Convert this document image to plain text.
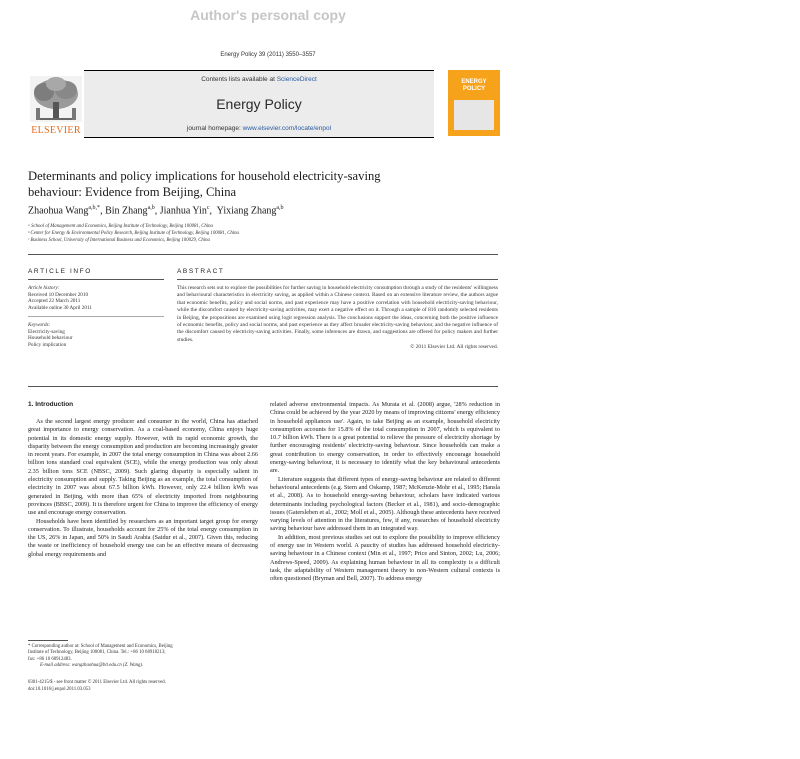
Author's personal copy
Energy Policy 39 (2011) 3550–3557
Contents lists available at ScienceDirect
Energy Policy
journal homepage: www.elsevier.com/locate/enpol
ELSEVIER
ENERGY
POLICY
Determinants and policy implications for household electricity-saving
behaviour: Evidence from Beijing, China
Zhaohua Wang$^{a,b,*}$, Bin Zhang$^{a,b}$, Jianhua Yin$^c$,  Yixiang Zhang$^{a,b}$
ᵃ School of Management and Economics, Beijing Institute of Technology, Beijing 100081, China
ᵇ Center for Energy & Environmental Policy Research, Beijing Institute of Technology, Beijing 100081, China
ᶜ Business School, University of International Business and Economics, Beijing 100029, China
ARTICLE INFO
Article history:
Received 10 December 2010
Accepted 22 March 2011
Available online 30 April 2011
Keywords:
Electricity-saving
Household behaviour
Policy implication
ABSTRACT
This research sets out to explore the possibilities for further saving in household electricity consumption through a study of the residents' willingness and behavioural characteristics in electricity saving, as applied within a Chinese context. Based on an extensive literature review, the authors argue that economic benefits, policy and social norms, and past experience may have a positive correlation with household electricity-saving behaviour, while the discomfort caused by electricity-saving activities, may exert a negative effect on it. Through a sample of 816 randomly selected residents in Beijing, the propositions are examined using logit regression analysis. The conclusions support the ideas, concerning both the positive influence of economic benefits, policy and social norms, and past experience as they affect broader electricity-saving behaviour, and the negative influence of the discomfort caused by electricity-saving activities. Finally, some inferences are drawn, and suggestions are offered for policy makers and further studies.
© 2011 Elsevier Ltd. All rights reserved.
1. Introduction

As the second largest energy producer and consumer in the world, China has attached great importance to energy conservation. As a coal-based economy, China enjoys huge potential in its domestic energy supply. However, with its rapid economic growth, the disparity between the energy consumption and production are becoming increasingly greater in recent years. For example, in 2007 the total energy consumption in China was about 2.66 billion tons standard coal equivalent (SCE), while the energy production was only about 2.35 billion tons SCE (NBSC, 2009). Such glaring disparity is especially salient in electricity consumption and supply. Taking Beijing as an example, the total consumption of electricity in 2007 was about 67.5 billion kWh. However, only 22.4 billion kWh was generated in Beijing, with more than 65% of electricity imported from neighbouring provinces (BBSC, 2009). It is therefore urgent for China to improve the efficiency of energy use and encourage energy conservation.

Households have been identified by researchers as an important target group for energy conservation. To illustrate, households account for 25% of the total energy consumption in the US, 26% in Japan, and 50% in Saudi Arabia (Saidur et al., 2007). Given this, reducing the waste or inefficiency of household energy use can be an effective means of decreasing global energy requirements and

related adverse environmental impacts. As Murata et al. (2008) argue, '28% reduction in China could be achieved by the year 2020 by means of improving citizens' energy efficiency in household appliances use'. Again, to take Beijing as an example, household electricity consumption accounts for 15.8% of the total consumption in 2007, which is equivalent to 10.7 billion kWh. There is a great potential to relieve the pressure of electricity shortage by further encouraging residents' electricity-saving behaviour. Since households can make a great contribution to energy conservation, in order to effectively encourage household energy-saving behaviour, it is necessary to identify what the key behavioural antecedents are.

Literature suggests that different types of energy-saving behaviour are related to different behavioural antecedents (e.g. Stern and Oskamp, 1987; McKenzie-Mohr et al., 1995; Hansla et al., 2008). As to household energy-saving behaviour, scholars have indicated various determinants including psychological factors (Becker et al., 1981), and socio-demographic issues (Gatersleben et al., 2002; Moll et al., 2005). Although these antecedents have received varying levels of attention in the literatures, few, if any, researches of household electricity saving behaviour have addressed them in an integrated way.

In addition, most previous studies set out to explore the possibility to improve efficiency of energy use in Western world. A paucity of studies has addressed household electricity-saving behaviour in a Chinese context (Min et al., 1997; Price and Sinton, 2002; Lu, 2006; Andrews-Speed, 2009). As explaining human behaviour in all its complexity is a difficult task, the adaptability of Western management theory to non-Western cultural contexts is often questioned (Bryman and Bell, 2007). To address energy

* Corresponding author at: School of Management and Economics, Beijing
Institute of Technology, Beijing 100081, China. Tel.: +86 10 68918213;
fax: +86 10 68912483.
E-mail address: wangzhaohua@bit.edu.cn (Z. Wang).
0301-4215/$ - see front matter © 2011 Elsevier Ltd. All rights reserved.
doi:10.1016/j.enpol.2011.03.053
